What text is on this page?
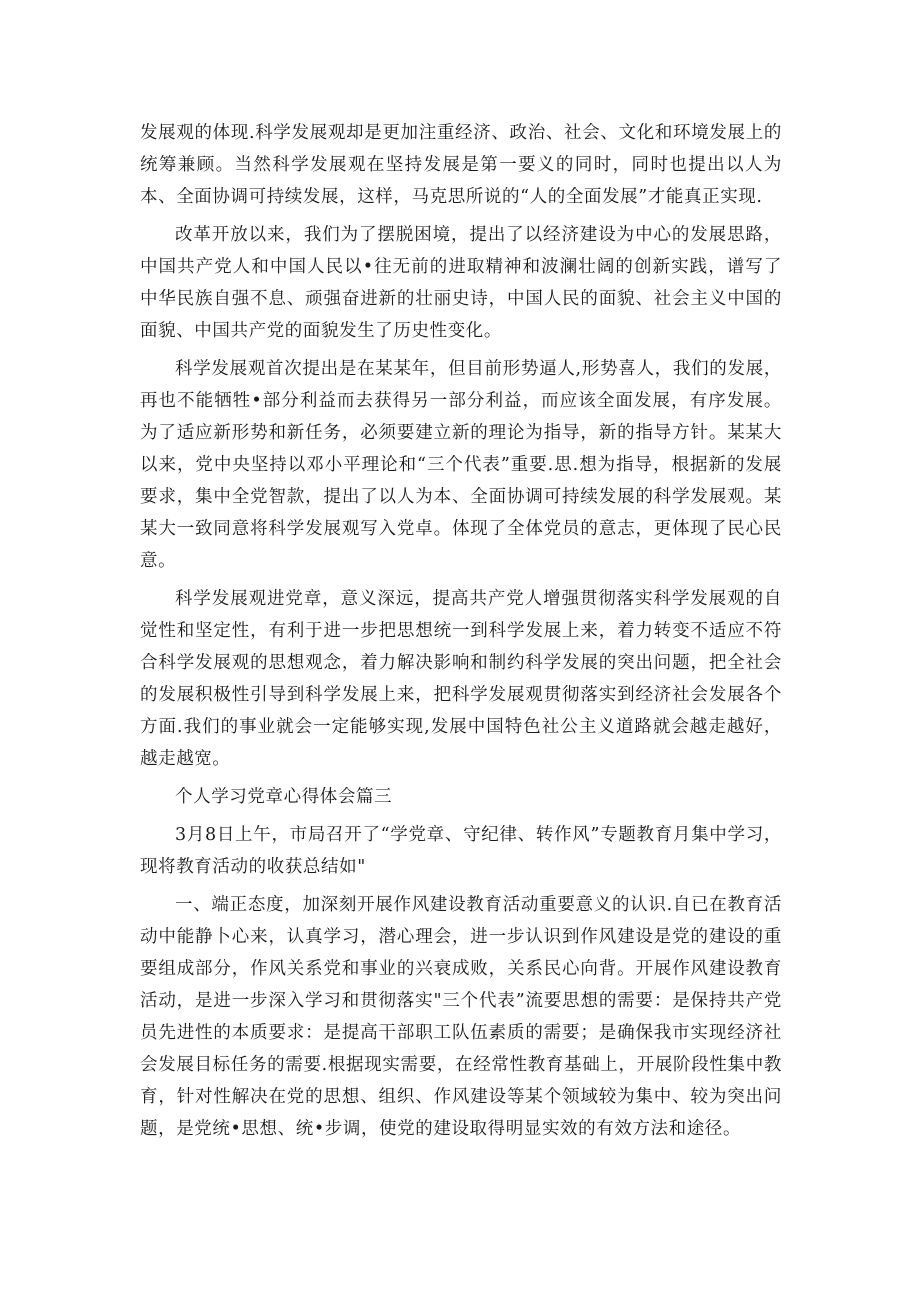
发展观的体现.科学发展观却是更加注重经济、政治、社会、文化和环境发展上的统筹兼顾。当然科学发展观在坚持发展是第一要义的同时，同时也提出以人为本、全面协调可持续发展，这样，马克思所说的“人的全面发展”才能真正实现.

改革开放以来，我们为了摆脱困境，提出了以经济建设为中心的发展思路，中国共产党人和中国人民以•往无前的进取精神和波澜壮阔的创新实践，谱写了中华民族自强不息、顽强奋进新的壮丽史诗，中国人民的面貌、社会主义中国的面貌、中国共产党的面貌发生了历史性变化。

科学发展观首次提出是在某某年，但目前形势逼人,形势喜人，我们的发展，再也不能牺牲•部分利益而去获得另一部分利益，而应该全面发展，有序发展。为了适应新形势和新任务，必须要建立新的理论为指导，新的指导方针。某某大以来，党中央坚持以邓小平理论和“三个代表”重要.思.想为指导，根据新的发展要求，集中全党智款，提出了以人为本、全面协调可持续发展的科学发展观。某某大一致同意将科学发展观写入党卓。体现了全体党员的意志，更体现了民心民意。

科学发展观进党章，意义深远，提高共产党人增强贯彻落实科学发展观的自觉性和坚定性，有利于进一步把思想统一到科学发展上来，着力转变不适应不符合科学发展观的思想观念，着力解决影响和制约科学发展的突出问题，把全社会的发展积极性引导到科学发展上来，把科学发展观贯彻落实到经济社会发展各个方面.我们的事业就会一定能够实现,发展中国特色社公主义道路就会越走越好，越走越宽。

个人学习党章心得体会篇三

3月8日上午，市局召开了“学党章、守纪律、转作风”专题教育月集中学习，现将教育活动的收获总结如"

一、端正态度，加深刻开展作风建设教育活动重要意义的认识.自已在教育活动中能静卜心来，认真学习，潜心理会，进一步认识到作风建设是党的建设的重要组成部分，作风关系党和事业的兴衰成败，关系民心向背。开展作风建设教育活动，是进一步深入学习和贯彻落实"三个代表”流要思想的需要：是保持共产党员先进性的本质要求：是提高干部职工队伍素质的需要；是确保我市实现经济社会发展目标任务的需要.根据现实需要，在经常性教育基础上，开展阶段性集中教育，针对性解决在党的思想、组织、作风建设等某个领域较为集中、较为突出问题，是党统•思想、统•步调，使党的建设取得明显实效的有效方法和途径。
